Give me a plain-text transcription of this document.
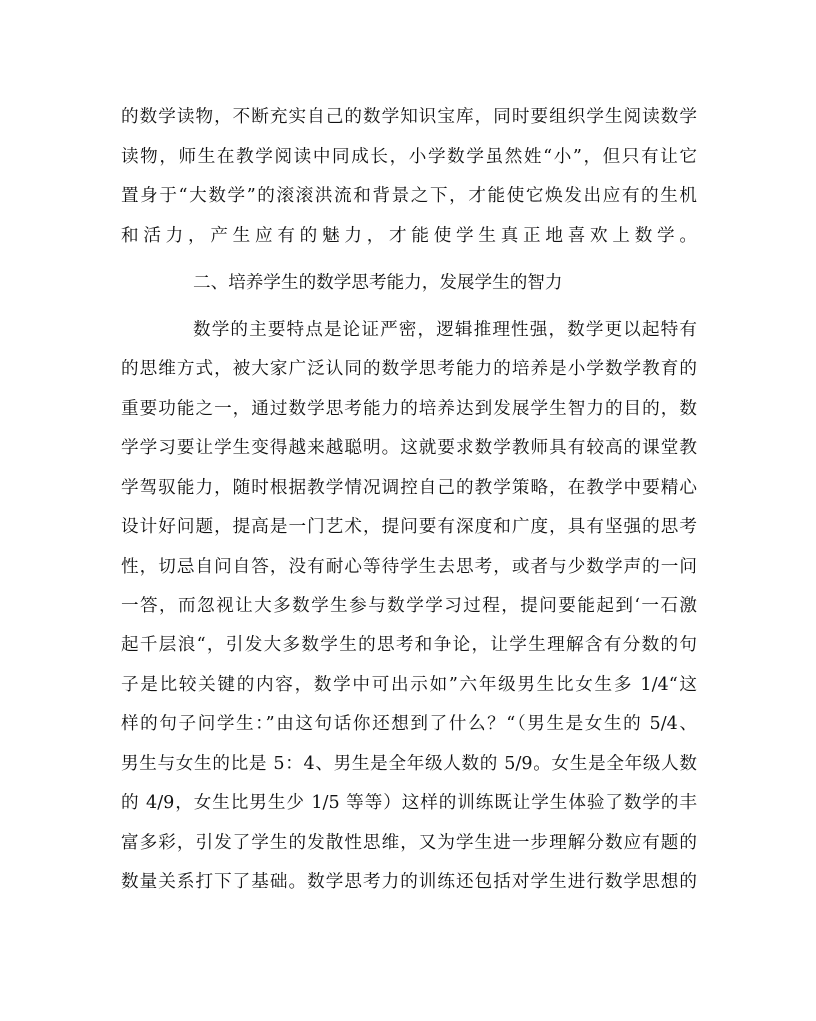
的数学读物，不断充实自己的数学知识宝库，同时要组织学生阅读数学
读物，师生在教学阅读中同成长，小学数学虽然姓“小”，但只有让它
置身于“大数学”的滚滚洪流和背景之下，才能使它焕发出应有的生机
和活力，产生应有的魅力，才能使学生真正地喜欢上数学。
二、培养学生的数学思考能力，发展学生的智力
数学的主要特点是论证严密，逻辑推理性强，数学更以起特有
的思维方式，被大家广泛认同的数学思考能力的培养是小学数学教育的
重要功能之一，通过数学思考能力的培养达到发展学生智力的目的，数
学学习要让学生变得越来越聪明。这就要求数学教师具有较高的课堂教
学驾驭能力，随时根据教学情况调控自己的教学策略，在教学中要精心
设计好问题，提高是一门艺术，提问要有深度和广度，具有坚强的思考
性，切忌自问自答，没有耐心等待学生去思考，或者与少数学声的一问
一答，而忽视让大多数学生参与数学学习过程，提问要能起到‘一石激
起千层浪“，引发大多数学生的思考和争论，让学生理解含有分数的句
子是比较关键的内容，数学中可出示如”六年级男生比女生多 1/4“这
样的句子问学生：”由这句话你还想到了什么？“（男生是女生的 5/4、
男生与女生的比是 5：4、男生是全年级人数的 5/9。女生是全年级人数
的 4/9，女生比男生少 1/5 等等）这样的训练既让学生体验了数学的丰
富多彩，引发了学生的发散性思维，又为学生进一步理解分数应有题的
数量关系打下了基础。数学思考力的训练还包括对学生进行数学思想的
